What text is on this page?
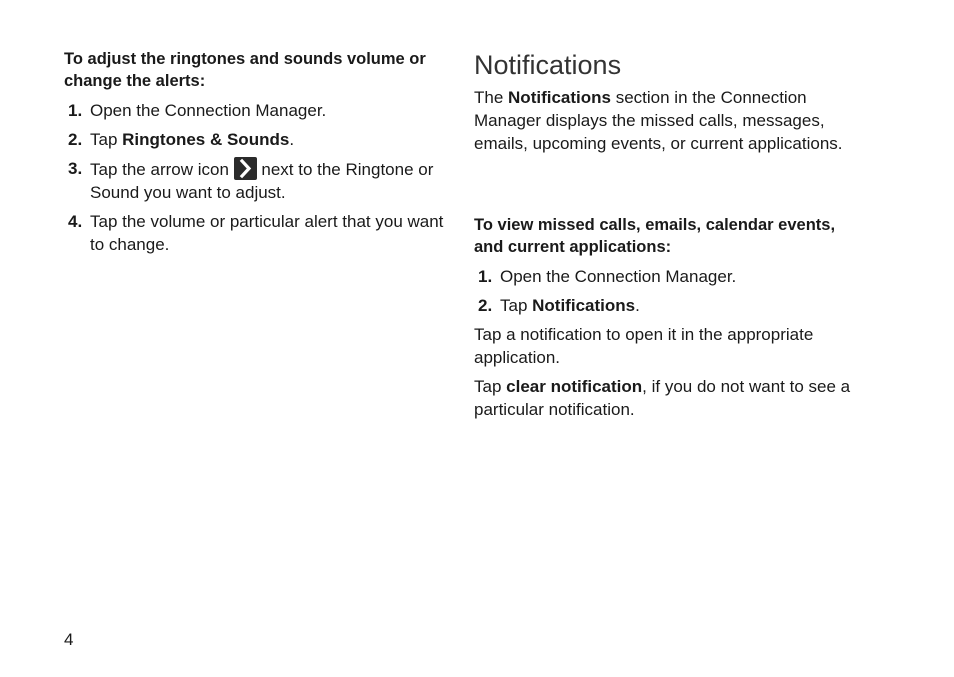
To adjust the ringtones and sounds volume or change the alerts:

1. Open the Connection Manager.
2. Tap Ringtones & Sounds.
3. Tap the arrow icon
next to the Ringtone or Sound you want to adjust.
4. Tap the volume or particular alert that you want to change.
Notifications

The Notifications section in the Connection Manager displays the missed calls, messages, emails, upcoming events, or current applications.

To view missed calls, emails, calendar events, and current applications:

1. Open the Connection Manager.
2. Tap Notifications.

Tap a notification to open it in the appropriate application.

Tap clear notification, if you do not want to see a particular notification.

4
